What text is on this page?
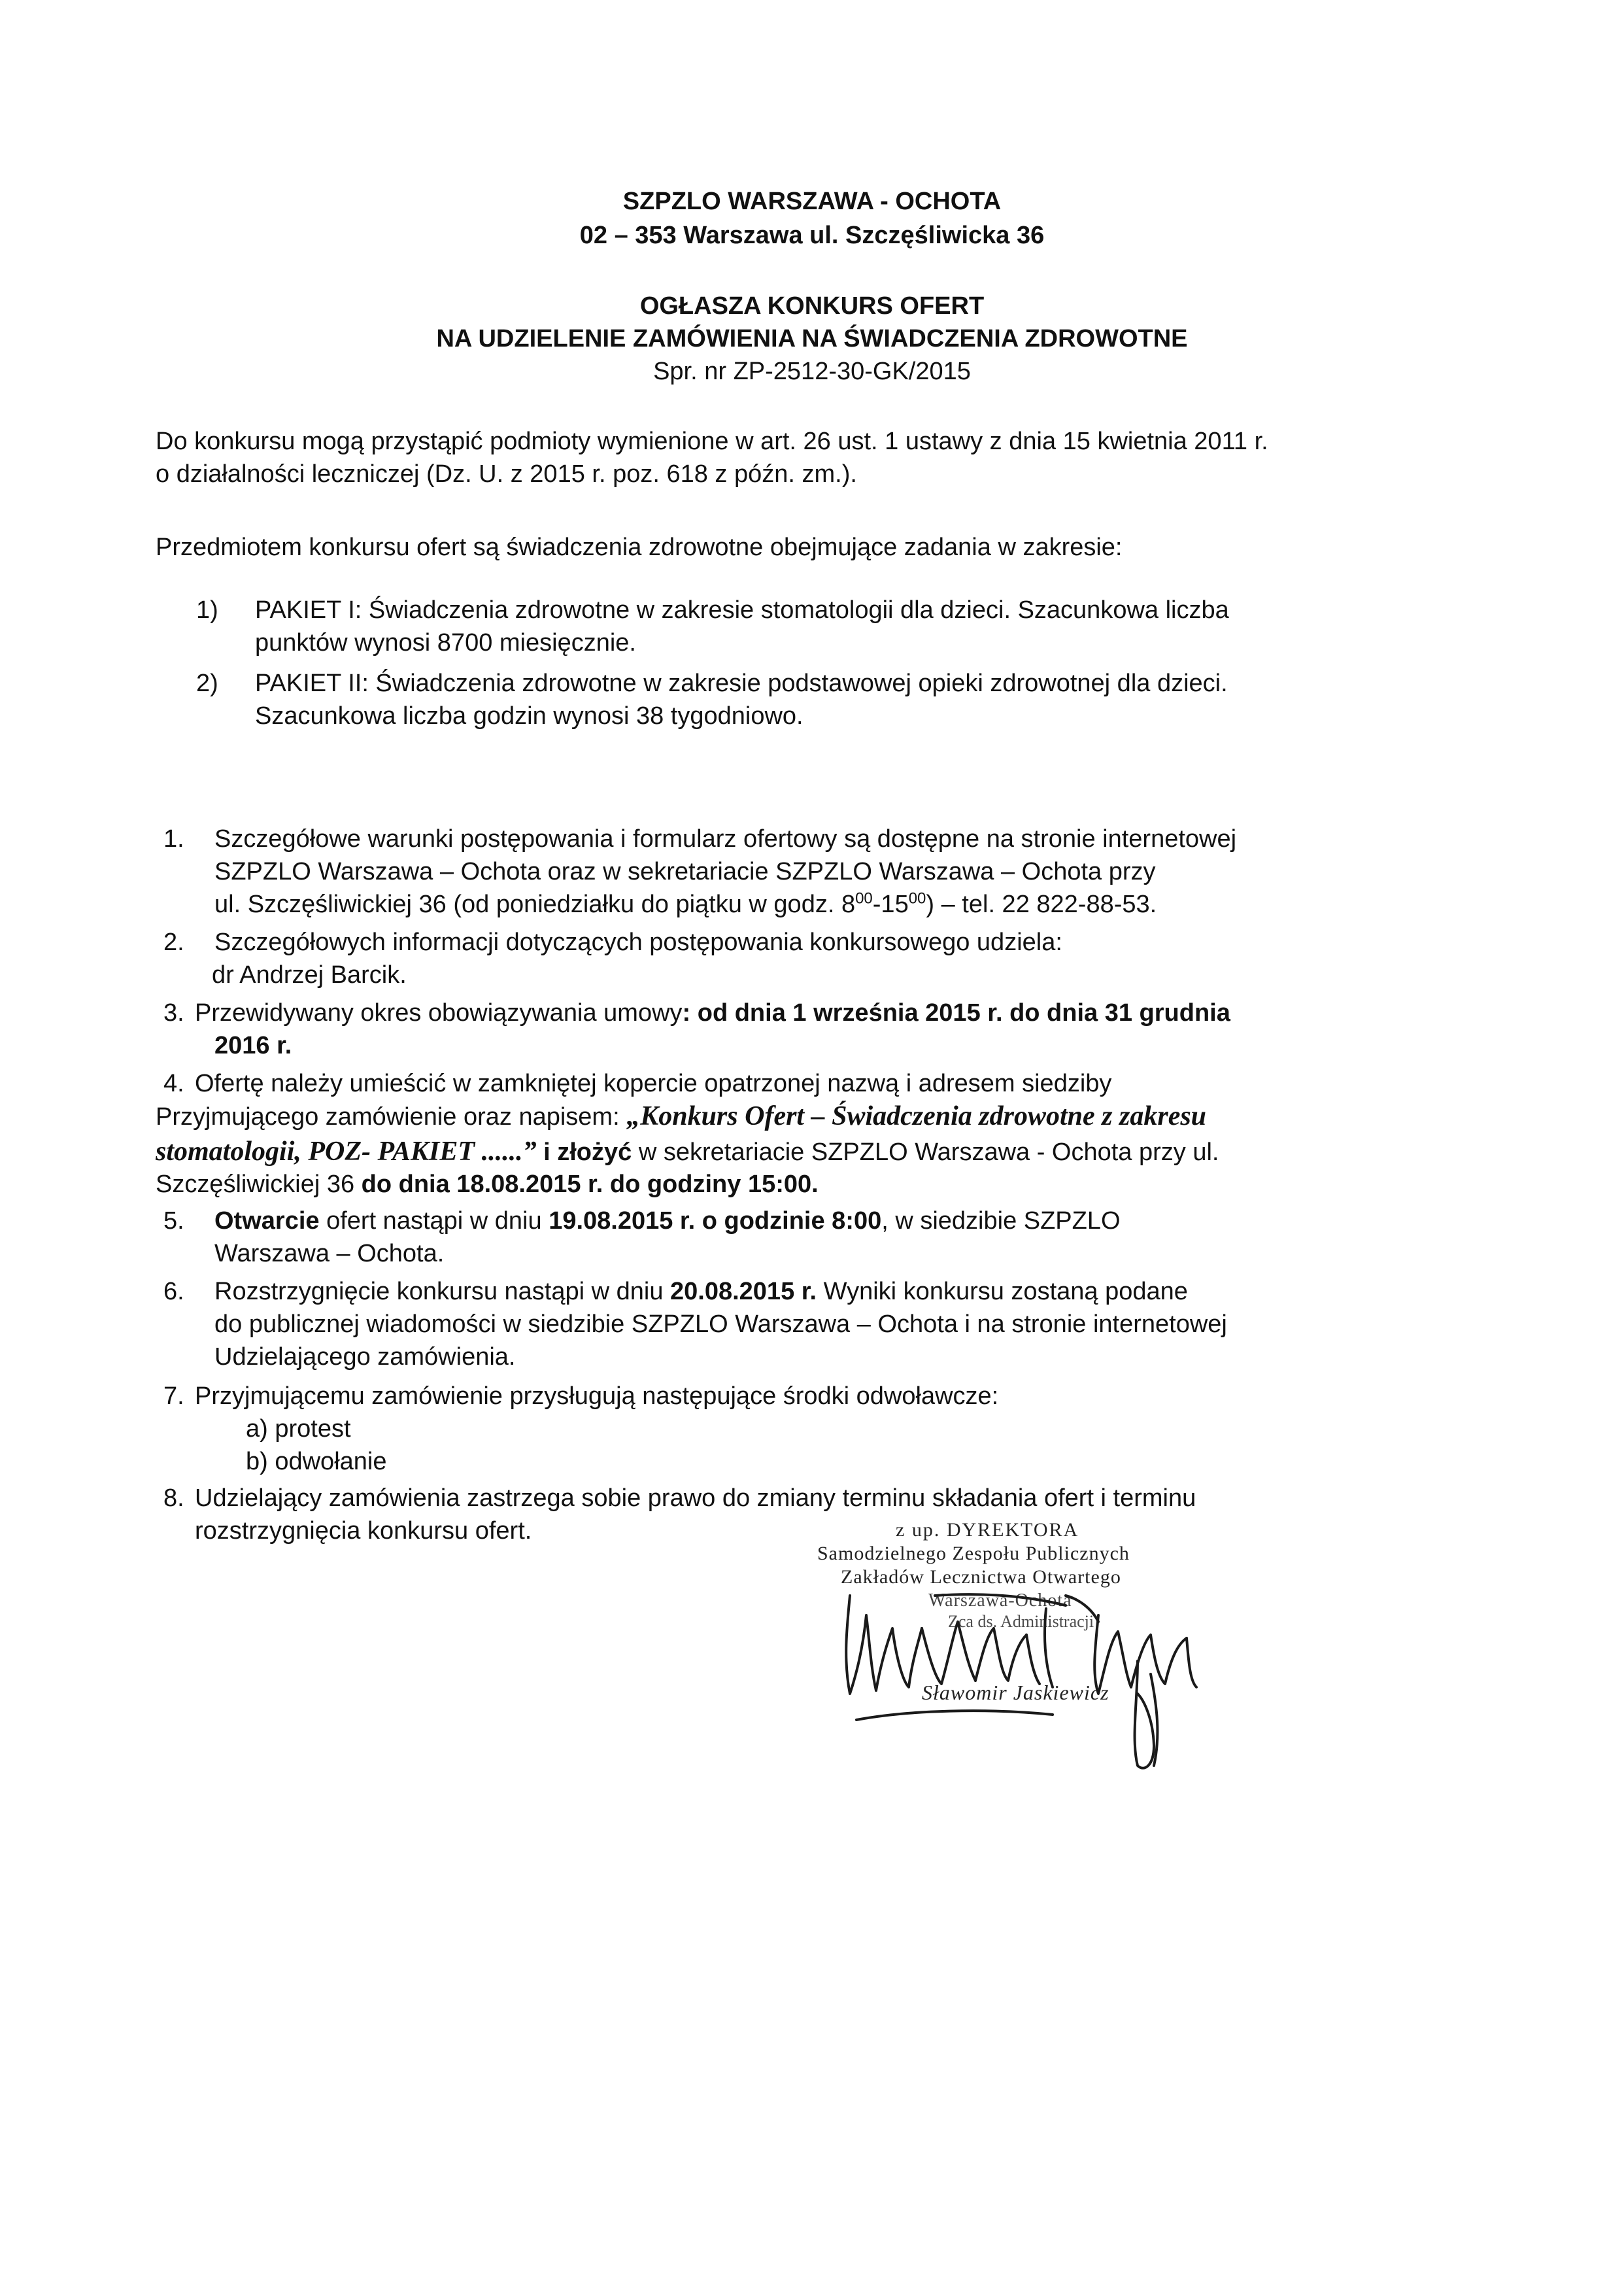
SZPZLO WARSZAWA - OCHOTA
02 – 353 Warszawa ul. Szczęśliwicka 36
OGŁASZA KONKURS OFERT
NA UDZIELENIE ZAMÓWIENIA NA ŚWIADCZENIA ZDROWOTNE
Spr. nr ZP-2512-30-GK/2015
Do konkursu mogą przystąpić podmioty wymienione w art. 26 ust. 1 ustawy z dnia 15 kwietnia 2011 r.
o działalności leczniczej (Dz. U. z 2015 r. poz. 618 z późn. zm.).
Przedmiotem konkursu ofert są świadczenia zdrowotne obejmujące zadania w zakresie:
1) PAKIET I: Świadczenia zdrowotne w zakresie stomatologii dla dzieci. Szacunkowa liczba
punktów wynosi 8700 miesięcznie.
2) PAKIET II: Świadczenia zdrowotne w zakresie podstawowej opieki zdrowotnej dla dzieci.
Szacunkowa liczba godzin wynosi 38 tygodniowo.
1. Szczegółowe warunki postępowania i formularz ofertowy są dostępne na stronie internetowej
SZPZLO Warszawa – Ochota oraz w sekretariacie SZPZLO Warszawa – Ochota przy
ul. Szczęśliwickiej 36 (od poniedziałku do piątku w godz. $8^{00}-15^{00}$) – tel. 22 822-88-53.
2. Szczegółowych informacji dotyczących postępowania konkursowego udziela:
dr Andrzej Barcik.
3. Przewidywany okres obowiązywania umowy: od dnia 1 września 2015 r. do dnia 31 grudnia
2016 r.
4. Ofertę należy umieścić w zamkniętej kopercie opatrzonej nazwą i adresem siedziby
Przyjmującego zamówienie oraz napisem: „Konkurs Ofert – Świadczenia zdrowotne z zakresu
stomatologii, POZ- PAKIET ......” i złożyć w sekretariacie SZPZLO Warszawa - Ochota przy ul.
Szczęśliwickiej 36 do dnia 18.08.2015 r. do godziny 15:00.
5. Otwarcie ofert nastąpi w dniu 19.08.2015 r. o godzinie 8:00, w siedzibie SZPZLO
Warszawa – Ochota.
6. Rozstrzygnięcie konkursu nastąpi w dniu 20.08.2015 r. Wyniki konkursu zostaną podane
do publicznej wiadomości w siedzibie SZPZLO Warszawa – Ochota i na stronie internetowej
Udzielającego zamówienia.
7. Przyjmującemu zamówienie przysługują następujące środki odwoławcze:
a) protest
b) odwołanie
8. Udzielający zamówienia zastrzega sobie prawo do zmiany terminu składania ofert i terminu
rozstrzygnięcia konkursu ofert.	z up. DYREKTORA
Samodzielnego Zespołu Publicznych
Zakładów Lecznictwa Otwartego
Warszawa-Ochota
Zca ds. Administracji
Sławomir Jaskiewicz
